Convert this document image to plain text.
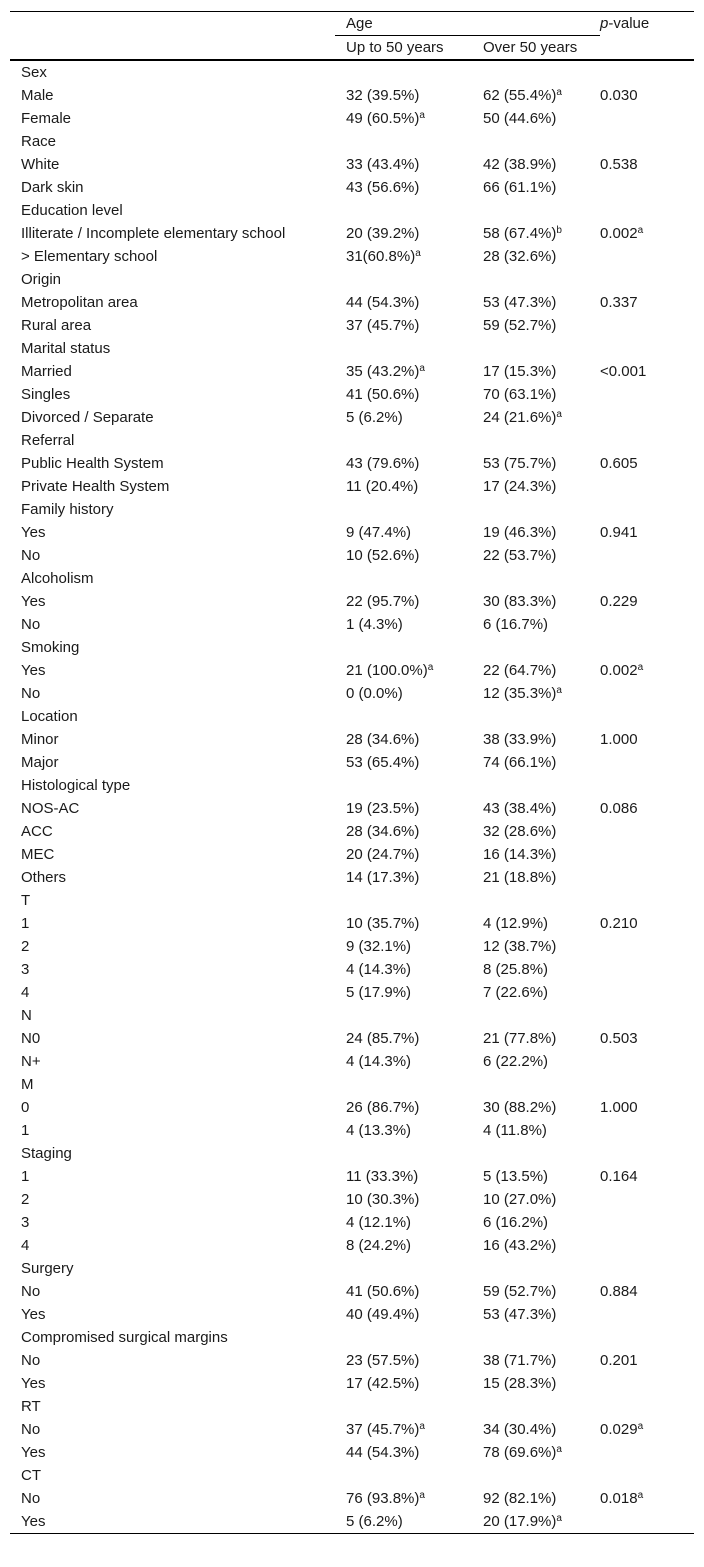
	Age		p-value
	Up to 50 years	Over 50 years	
Sex			
Male	32 (39.5%)	62 $(55.4\%)^a$	0.030
Female	49 $(60.5\%)^a$	50 (44.6%)	
Race			
White	33 (43.4%)	42 (38.9%)	0.538
Dark skin	43 (56.6%)	66 (61.1%)	
Education level			
Illiterate / Incomplete elementary school	20 (39.2%)	58 $(67.4\%)^b$	0.002$^a$
> Elementary school	$31(60.8\%)^a$	28 (32.6%)	
Origin			
Metropolitan area	44 (54.3%)	53 (47.3%)	0.337
Rural area	37 (45.7%)	59 (52.7%)	
Marital status			
Married	35 $(43.2\%)^a$	17 (15.3%)	<0.001
Singles	41 (50.6%)	70 (63.1%)	
Divorced / Separate	5 (6.2%)	24 $(21.6\%)^a$	
Referral			
Public Health System	43 (79.6%)	53 (75.7%)	0.605
Private Health System	11 (20.4%)	17 (24.3%)	
Family history			
Yes	9 (47.4%)	19 (46.3%)	0.941
No	10 (52.6%)	22 (53.7%)	
Alcoholism			
Yes	22 (95.7%)	30 (83.3%)	0.229
No	1 (4.3%)	6 (16.7%)	
Smoking			
Yes	21 $(100.0\%)^a$	22 (64.7%)	0.002$^a$
No	0 (0.0%)	12 $(35.3\%)^a$	
Location			
Minor	28 (34.6%)	38 (33.9%)	1.000
Major	53 (65.4%)	74 (66.1%)	
Histological type			
NOS-AC	19 (23.5%)	43 (38.4%)	0.086
ACC	28 (34.6%)	32 (28.6%)	
MEC	20 (24.7%)	16 (14.3%)	
Others	14 (17.3%)	21 (18.8%)	
T			
1	10 (35.7%)	4 (12.9%)	0.210
2	9 (32.1%)	12 (38.7%)	
3	4 (14.3%)	8 (25.8%)	
4	5 (17.9%)	7 (22.6%)	
N			
N0	24 (85.7%)	21 (77.8%)	0.503
N+	4 (14.3%)	6 (22.2%)	
M			
0	26 (86.7%)	30 (88.2%)	1.000
1	4 (13.3%)	4 (11.8%)	
Staging			
1	11 (33.3%)	5 (13.5%)	0.164
2	10 (30.3%)	10 (27.0%)	
3	4 (12.1%)	6 (16.2%)	
4	8 (24.2%)	16 (43.2%)	
Surgery			
No	41 (50.6%)	59 (52.7%)	0.884
Yes	40 (49.4%)	53 (47.3%)	
Compromised surgical margins			
No	23 (57.5%)	38 (71.7%)	0.201
Yes	17 (42.5%)	15 (28.3%)	
RT			
No	37 $(45.7\%)^a$	34 (30.4%)	0.029$^a$
Yes	44 (54.3%)	78 $(69.6\%)^a$	
CT			
No	76 $(93.8\%)^a$	92 (82.1%)	0.018$^a$
Yes	5 (6.2%)	20 $(17.9\%)^a$	
